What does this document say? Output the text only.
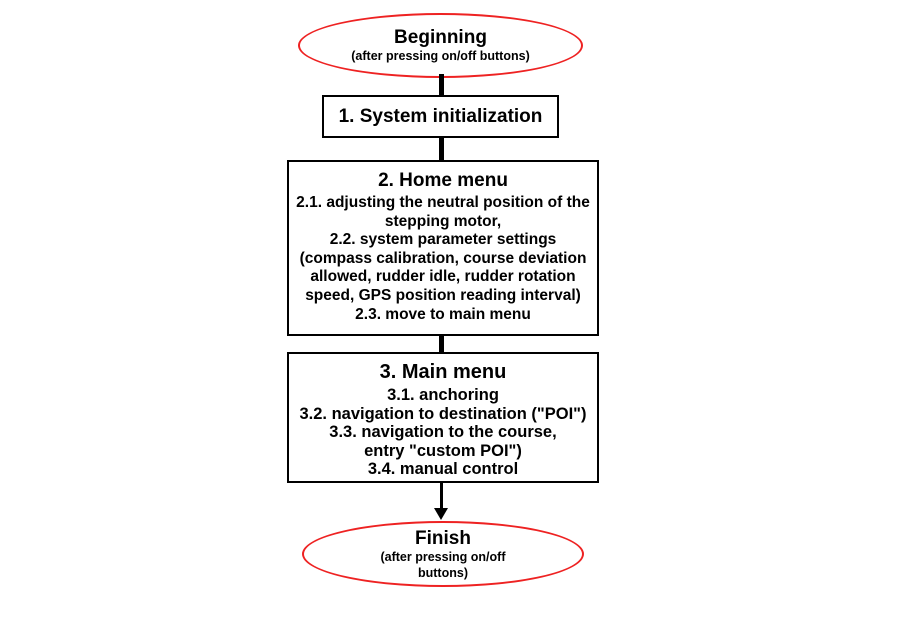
Beginning
(after pressing on/off buttons)
1. System initialization
2. Home menu
2.1. adjusting the neutral position of the
stepping motor,
2.2. system parameter settings
(compass calibration, course deviation
allowed, rudder idle, rudder rotation
speed, GPS position reading interval)
2.3. move to main menu
3. Main menu
3.1. anchoring
3.2. navigation to destination ("POI")
3.3. navigation to the course,
entry "custom POI")
3.4. manual control
Finish
(after pressing on/off
buttons)
